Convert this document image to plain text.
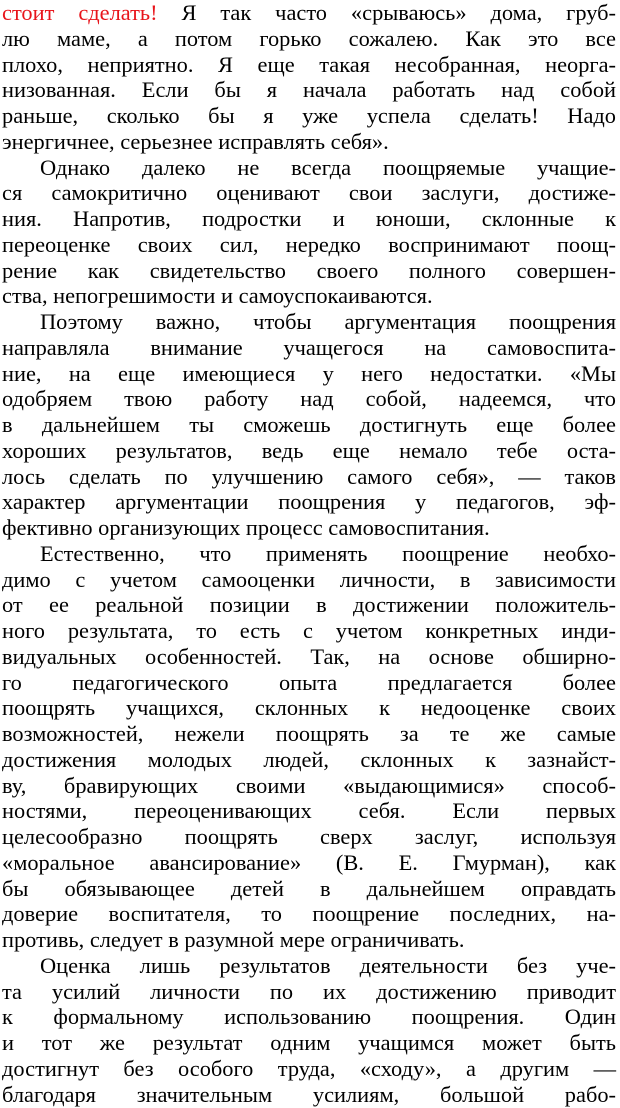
стоит сделать! Я так часто «срываюсь» дома, груб-
лю маме, а потом горько сожалею. Как это все
плохо, неприятно. Я еще такая несобранная, неорга-
низованная. Если бы я начала работать над собой
раньше, сколько бы я уже успела сделать! Надо
энергичнее, серьезнее исправлять себя».
Однако далеко не всегда поощряемые учащие-
ся самокритично оценивают свои заслуги, достиже-
ния. Напротив, подростки и юноши, склонные к
переоценке своих сил, нередко воспринимают поощ-
рение как свидетельство своего полного совершен-
ства, непогрешимости и самоуспокаиваются.
Поэтому важно, чтобы аргументация поощрения
направляла внимание учащегося на самовоспита-
ние, на еще имеющиеся у него недостатки. «Мы
одобряем твою работу над собой, надеемся, что
в дальнейшем ты сможешь достигнуть еще более
хороших результатов, ведь еще немало тебе оста-
лось сделать по улучшению самого себя», — таков
характер аргументации поощрения у педагогов, эф-
фективно организующих процесс самовоспитания.
Естественно, что применять поощрение необхо-
димо с учетом самооценки личности, в зависимости
от ее реальной позиции в достижении положитель-
ного результата, то есть с учетом конкретных инди-
видуальных особенностей. Так, на основе обширно-
го педагогического опыта предлагается более
поощрять учащихся, склонных к недооценке своих
возможностей, нежели поощрять за те же самые
достижения молодых людей, склонных к зазнайст-
ву, бравирующих своими «выдающимися» способ-
ностями, переоценивающих себя. Если первых
целесообразно поощрять сверх заслуг, используя
«моральное авансирование» (В. Е. Гмурман), как
бы обязывающее детей в дальнейшем оправдать
доверие воспитателя, то поощрение последних, на-
противь, следует в разумной мере ограничивать.
Оценка лишь результатов деятельности без уче-
та усилий личности по их достижению приводит
к формальному использованию поощрения. Один
и тот же результат одним учащимся может быть
достигнут без особого труда, «сходу», а другим —
благодаря значительным усилиям, большой рабо-
